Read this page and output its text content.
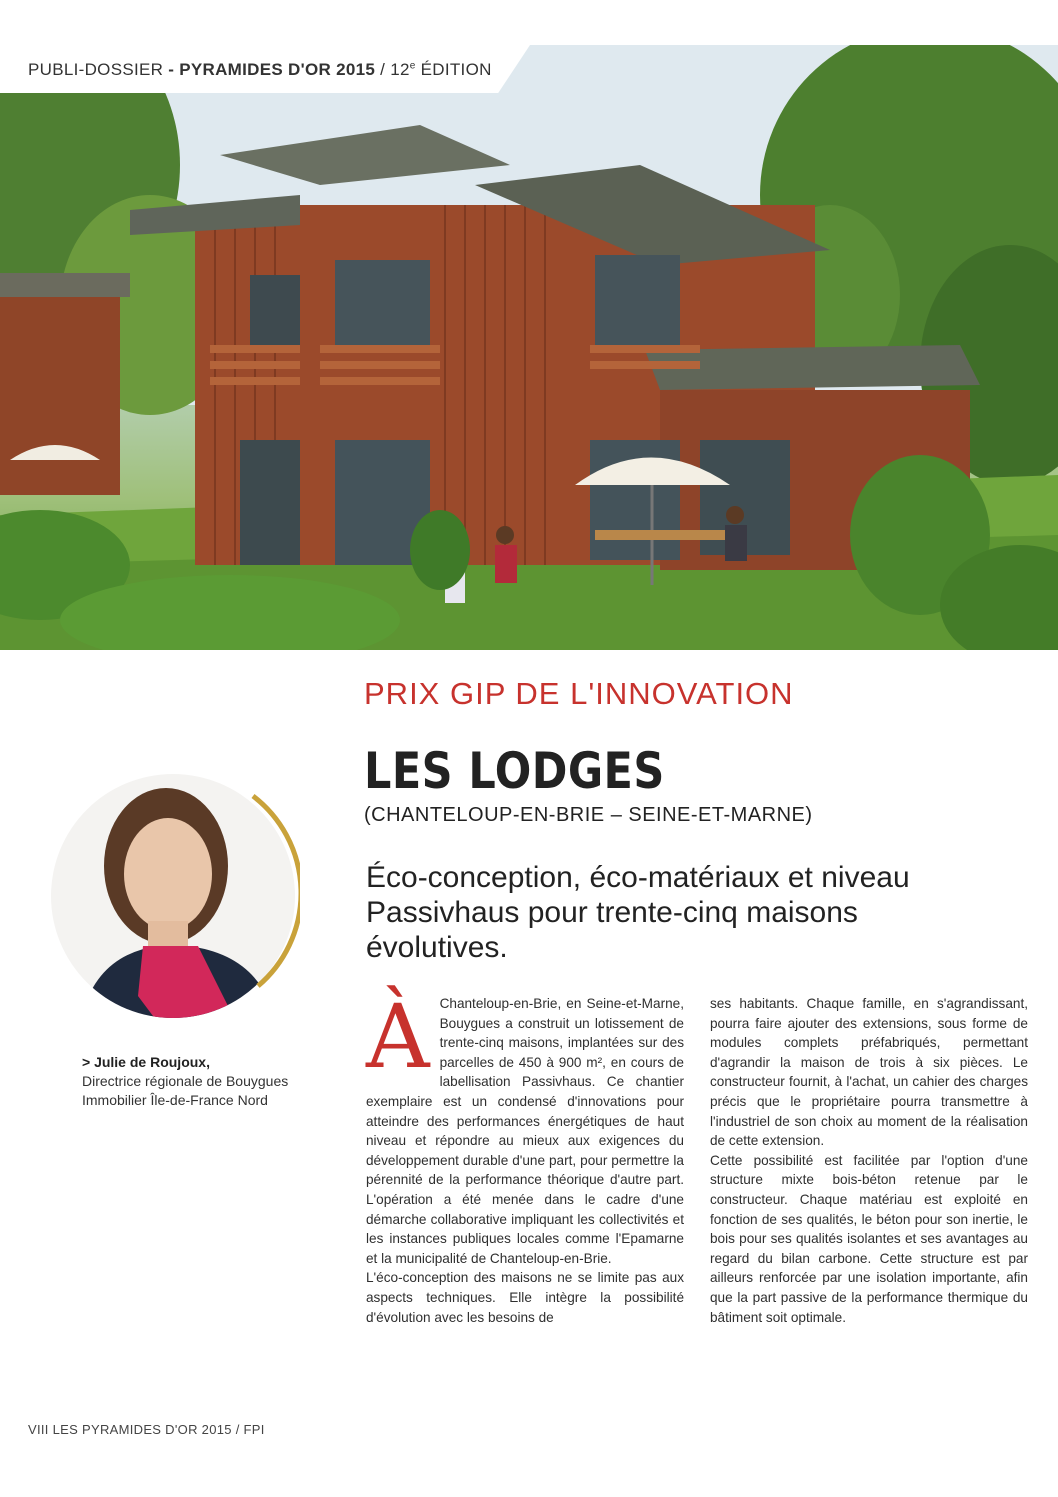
PUBLI-DOSSIER - PYRAMIDES D'OR 2015 / 12e ÉDITION
PRIX GIP DE L'INNOVATION
LES LODGES
(CHANTELOUP-EN-BRIE – SEINE-ET-MARNE)
Éco-conception, éco-matériaux et niveau Passivhaus pour trente-cinq maisons évolutives.
> Julie de Roujoux,
Directrice régionale de Bouygues Immobilier Île-de-France Nord
À Chanteloup-en-Brie, en Seine-et-Marne, Bouygues a construit un lotissement de trente-cinq maisons, implantées sur des parcelles de 450 à 900 m², en cours de labellisation Passivhaus. Ce chantier exemplaire est un condensé d'innovations pour atteindre des performances énergétiques de haut niveau et répondre au mieux aux exigences du développement durable d'une part, pour permettre la pérennité de la performance théorique d'autre part. L'opération a été menée dans le cadre d'une démarche collaborative impliquant les collectivités et les instances publiques locales comme l'Epamarne et la municipalité de Chanteloup-en-Brie.

L'éco-conception des maisons ne se limite pas aux aspects techniques. Elle intègre la possibilité d'évolution avec les besoins de

ses habitants. Chaque famille, en s'agrandissant, pourra faire ajouter des extensions, sous forme de modules complets préfabriqués, permettant d'agrandir la maison de trois à six pièces. Le constructeur fournit, à l'achat, un cahier des charges précis que le propriétaire pourra transmettre à l'industriel de son choix au moment de la réalisation de cette extension.

Cette possibilité est facilitée par l'option d'une structure mixte bois-béton retenue par le constructeur. Chaque matériau est exploité en fonction de ses qualités, le béton pour son inertie, le bois pour ses qualités isolantes et ses avantages au regard du bilan carbone. Cette structure est par ailleurs renforcée par une isolation importante, afin que la part passive de la performance thermique du bâtiment soit optimale.

VIII LES PYRAMIDES D'OR 2015 / FPI
